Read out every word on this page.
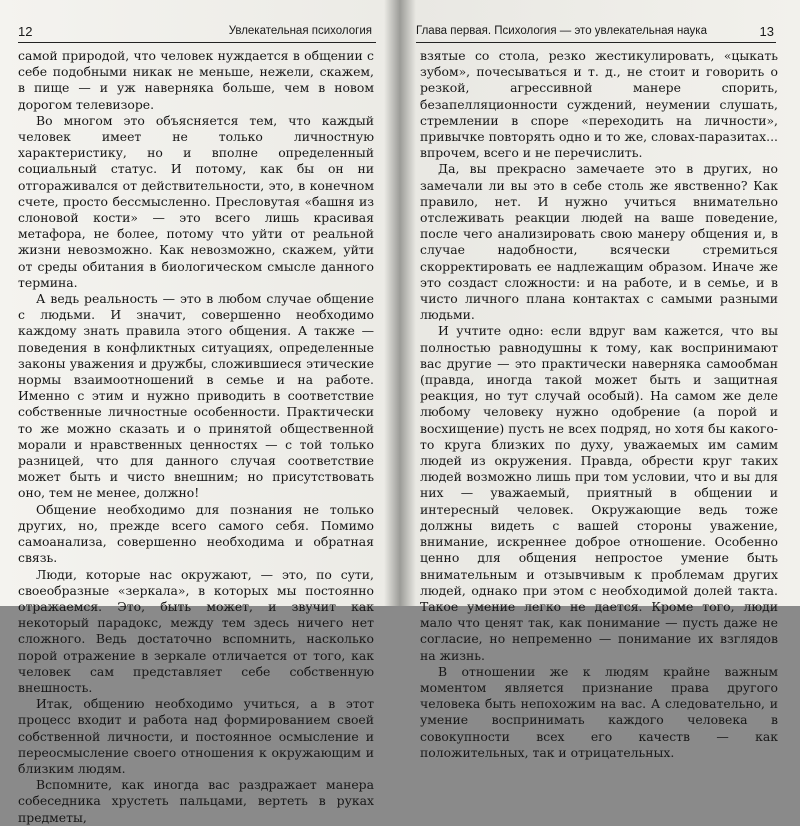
12	Увлекательная психология

самой природой, что человек нуждается в общении с себе подобными никак не меньше, нежели, скажем, в пище — и уж наверняка больше, чем в новом дорогом телевизоре.

Во многом это объясняется тем, что каждый человек имеет не только личностную характеристику, но и вполне определенный социальный статус. И потому, как бы он ни отгораживался от действительности, это, в конечном счете, просто бессмысленно. Пресловутая «башня из слоновой кости» — это всего лишь красивая метафора, не более, потому что уйти от реальной жизни невозможно. Как невозможно, скажем, уйти от среды обитания в биологическом смысле данного термина.

А ведь реальность — это в любом случае общение с людьми. И значит, совершенно необходимо каждому знать правила этого общения. А также — поведения в конфликтных ситуациях, определенные законы уважения и дружбы, сложившиеся этические нормы взаимоотношений в семье и на работе. Именно с этим и нужно приводить в соответствие собственные личностные особенности. Практически то же можно сказать и о принятой общественной морали и нравственных ценностях — с той только разницей, что для данного случая соответствие может быть и чисто внешним; но присутствовать оно, тем не менее, должно!

Общение необходимо для познания не только других, но, прежде всего самого себя. Помимо самоанализа, совершенно необходима и обратная связь.

Люди, которые нас окружают, — это, по сути, своеобразные «зеркала», в которых мы постоянно отражаемся. Это, быть может, и звучит как некоторый парадокс, между тем здесь ничего нет сложного. Ведь достаточно вспомнить, насколько порой отражение в зеркале отличается от того, как человек сам представляет себе собственную внешность.

Итак, общению необходимо учиться, а в этот процесс входит и работа над формированием своей собственной личности, и постоянное осмысление и переосмысление своего отношения к окружающим и близким людям.

Вспомните, как иногда вас раздражает манера собеседника хрустеть пальцами, вертеть в руках предметы,

Глава первая. Психология — это увлекательная наука	13

взятые со стола, резко жестикулировать, «цыкать зубом», почесываться и т. д., не стоит и говорить о резкой, агрессивной манере спорить, безапелляционности суждений, неумении слушать, стремлении в споре «переходить на личности», привычке повторять одно и то же, словах-паразитах... впрочем, всего и не перечислить.

Да, вы прекрасно замечаете это в других, но замечали ли вы это в себе столь же явственно? Как правило, нет. И нужно учиться внимательно отслеживать реакции людей на ваше поведение, после чего анализировать свою манеру общения и, в случае надобности, всячески стремиться скорректировать ее надлежащим образом. Иначе же это создаст сложности: и на работе, и в семье, и в чисто личного плана контактах с самыми разными людьми.

И учтите одно: если вдруг вам кажется, что вы полностью равнодушны к тому, как воспринимают вас другие — это практически наверняка самообман (правда, иногда такой может быть и защитная реакция, но тут случай особый). На самом же деле любому человеку нужно одобрение (а порой и восхищение) пусть не всех подряд, но хотя бы какого-то круга близких по духу, уважаемых им самим людей из окружения. Правда, обрести круг таких людей возможно лишь при том условии, что и вы для них — уважаемый, приятный в общении и интересный человек. Окружающие ведь тоже должны видеть с вашей стороны уважение, внимание, искреннее доброе отношение. Особенно ценно для общения непростое умение быть внимательным и отзывчивым к проблемам других людей, однако при этом с необходимой долей такта. Такое умение легко не дается. Кроме того, люди мало что ценят так, как понимание — пусть даже не согласие, но непременно — понимание их взглядов на жизнь.

В отношении же к людям крайне важным моментом является признание права другого человека быть непохожим на вас. А следовательно, и умение воспринимать каждого человека в совокупности всех его качеств — как положительных, так и отрицательных.
